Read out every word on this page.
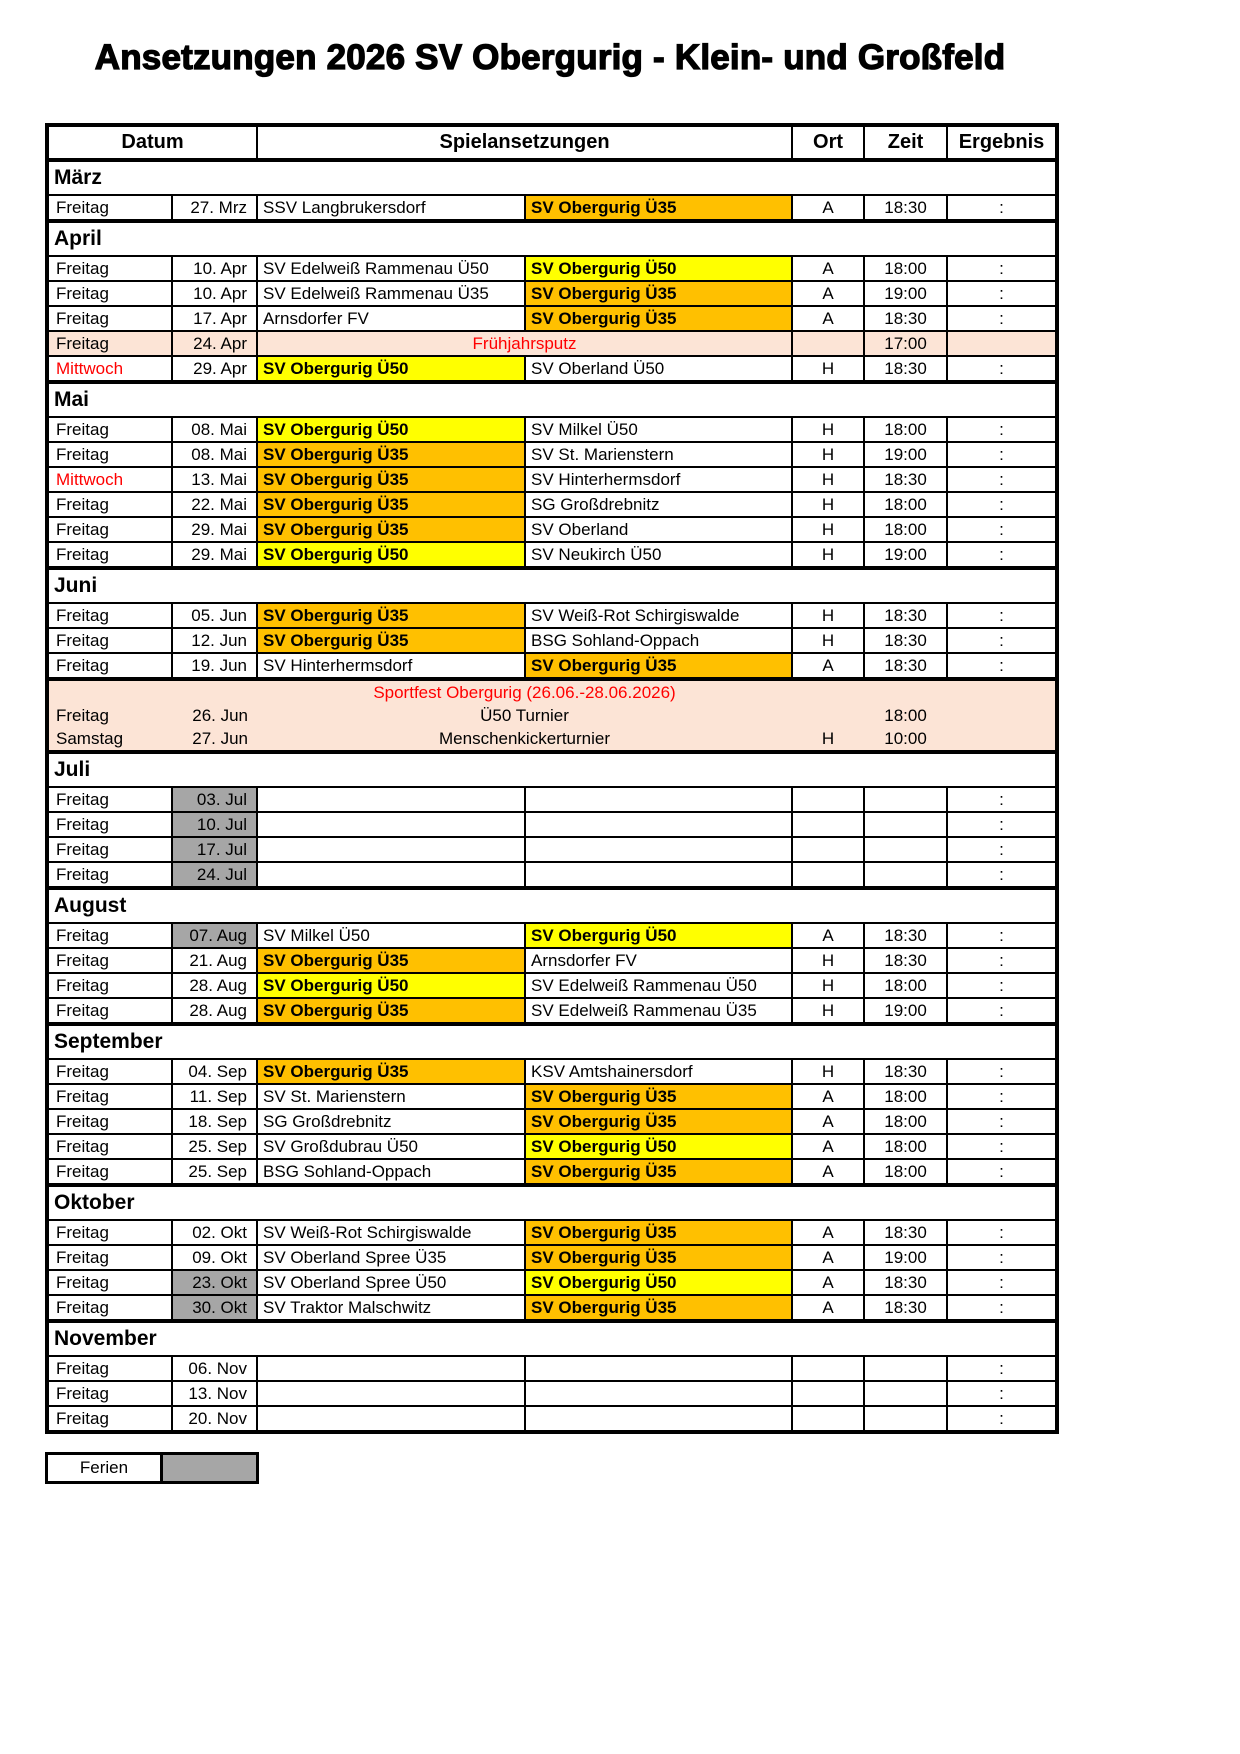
Ansetzungen 2026 SV Obergurig - Klein- und Großfeld
Datum		Spielansetzungen		Ort	Zeit	Ergebnis
März						
Freitag	27. Mrz	SSV Langbrukersdorf	SV Obergurig Ü35	A	18:30	:
April						
Freitag	10. Apr	SV Edelweiß Rammenau Ü50	SV Obergurig Ü50	A	18:00	:
Freitag	10. Apr	SV Edelweiß Rammenau Ü35	SV Obergurig Ü35	A	19:00	:
Freitag	17. Apr	Arnsdorfer FV	SV Obergurig Ü35	A	18:30	:
Freitag	24. Apr	Frühjahrsputz			17:00	
Mittwoch	29. Apr	SV Obergurig Ü50	SV Oberland Ü50	H	18:30	:
Mai						
Freitag	08. Mai	SV Obergurig Ü50	SV Milkel Ü50	H	18:00	:
Freitag	08. Mai	SV Obergurig Ü35	SV St. Marienstern	H	19:00	:
Mittwoch	13. Mai	SV Obergurig Ü35	SV Hinterhermsdorf	H	18:30	:
Freitag	22. Mai	SV Obergurig Ü35	SG Großdrebnitz	H	18:00	:
Freitag	29. Mai	SV Obergurig Ü35	SV Oberland	H	18:00	:
Freitag	29. Mai	SV Obergurig Ü50	SV Neukirch Ü50	H	19:00	:
Juni						
Freitag	05. Jun	SV Obergurig Ü35	SV Weiß-Rot Schirgiswalde	H	18:30	:
Freitag	12. Jun	SV Obergurig Ü35	BSG Sohland-Oppach	H	18:30	:
Freitag	19. Jun	SV Hinterhermsdorf	SV Obergurig Ü35	A	18:30	:
		Sportfest Obergurig (26.06.-28.06.2026)				
Freitag	26. Jun	Ü50 Turnier			18:00	
Samstag	27. Jun	Menschenkickerturnier		H	10:00	
Juli						
Freitag	03. Jul					:
Freitag	10. Jul					:
Freitag	17. Jul					:
Freitag	24. Jul					:
August						
Freitag	07. Aug	SV Milkel Ü50	SV Obergurig Ü50	A	18:30	:
Freitag	21. Aug	SV Obergurig Ü35	Arnsdorfer FV	H	18:30	:
Freitag	28. Aug	SV Obergurig Ü50	SV Edelweiß Rammenau Ü50	H	18:00	:
Freitag	28. Aug	SV Obergurig Ü35	SV Edelweiß Rammenau Ü35	H	19:00	:
September						
Freitag	04. Sep	SV Obergurig Ü35	KSV Amtshainersdorf	H	18:30	:
Freitag	11. Sep	SV St. Marienstern	SV Obergurig Ü35	A	18:00	:
Freitag	18. Sep	SG Großdrebnitz	SV Obergurig Ü35	A	18:00	:
Freitag	25. Sep	SV Großdubrau Ü50	SV Obergurig Ü50	A	18:00	:
Freitag	25. Sep	BSG Sohland-Oppach	SV Obergurig Ü35	A	18:00	:
Oktober						
Freitag	02. Okt	SV Weiß-Rot Schirgiswalde	SV Obergurig Ü35	A	18:30	:
Freitag	09. Okt	SV Oberland Spree Ü35	SV Obergurig Ü35	A	19:00	:
Freitag	23. Okt	SV Oberland Spree Ü50	SV Obergurig Ü50	A	18:30	:
Freitag	30. Okt	SV Traktor Malschwitz	SV Obergurig Ü35	A	18:30	:
November						
Freitag	06. Nov					:
Freitag	13. Nov					:
Freitag	20. Nov					:
Ferien
